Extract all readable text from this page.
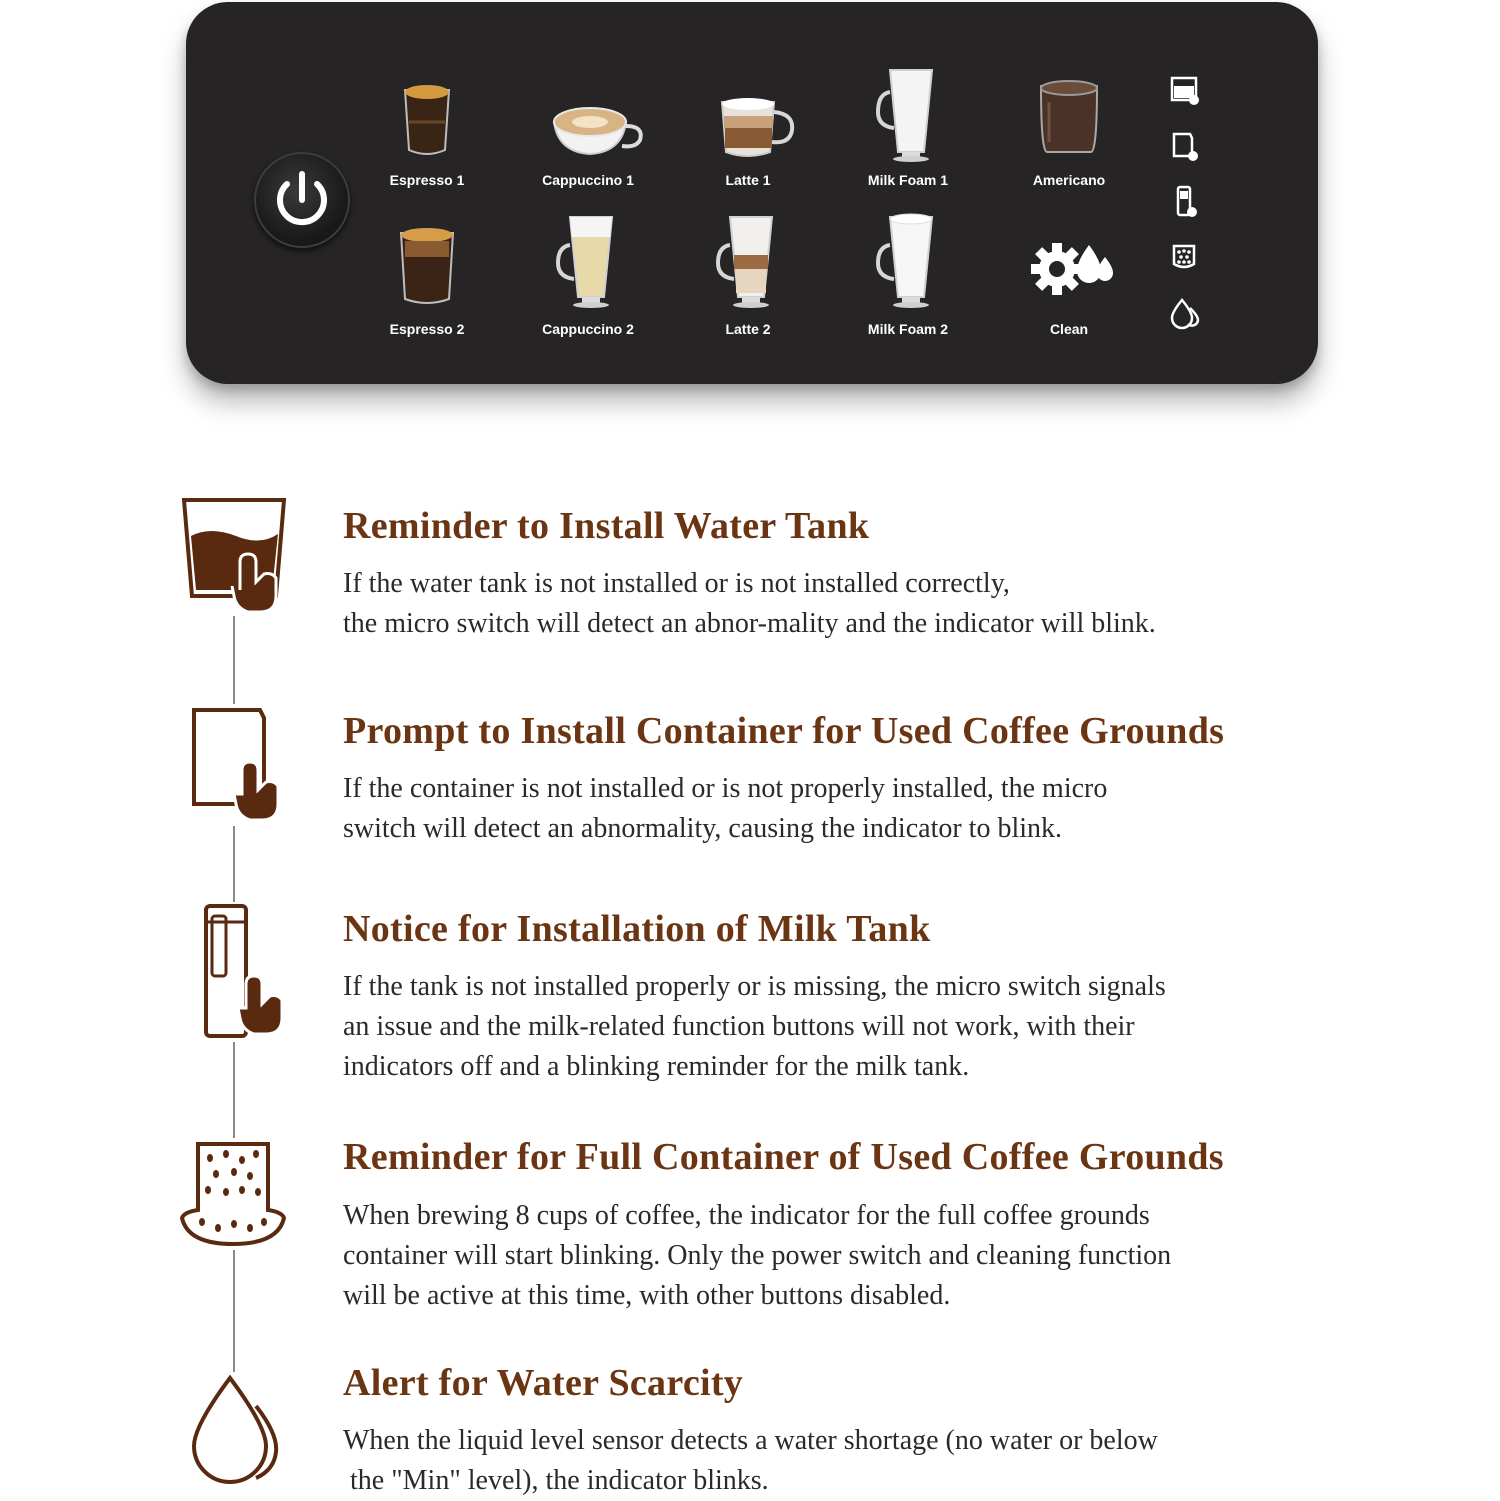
Espresso 1	Cappuccino 1	Latte 1	Milk Foam 1	Americano
Espresso 2	Cappuccino 2	Latte 2	Milk Foam 2	Clean
Reminder to Install Water Tank
If the water tank is not installed or is not installed correctly,
the micro switch will detect an abnor-mality and the indicator will blink.
Prompt to Install Container for Used Coffee Grounds
If the container is not installed or is not properly installed, the micro
switch will detect an abnormality, causing the indicator to blink.
Notice for Installation of Milk Tank
If the tank is not installed properly or is missing, the micro switch signals
an issue and the milk-related function buttons will not work, with their
indicators off and a blinking reminder for the milk tank.
Reminder for Full Container of Used Coffee Grounds
When brewing 8 cups of coffee, the indicator for the full coffee grounds
container will start blinking. Only the power switch and cleaning function
will be active at this time, with other buttons disabled.
Alert for Water Scarcity
When the liquid level sensor detects a water shortage (no water or below
the "Min" level), the indicator blinks.
